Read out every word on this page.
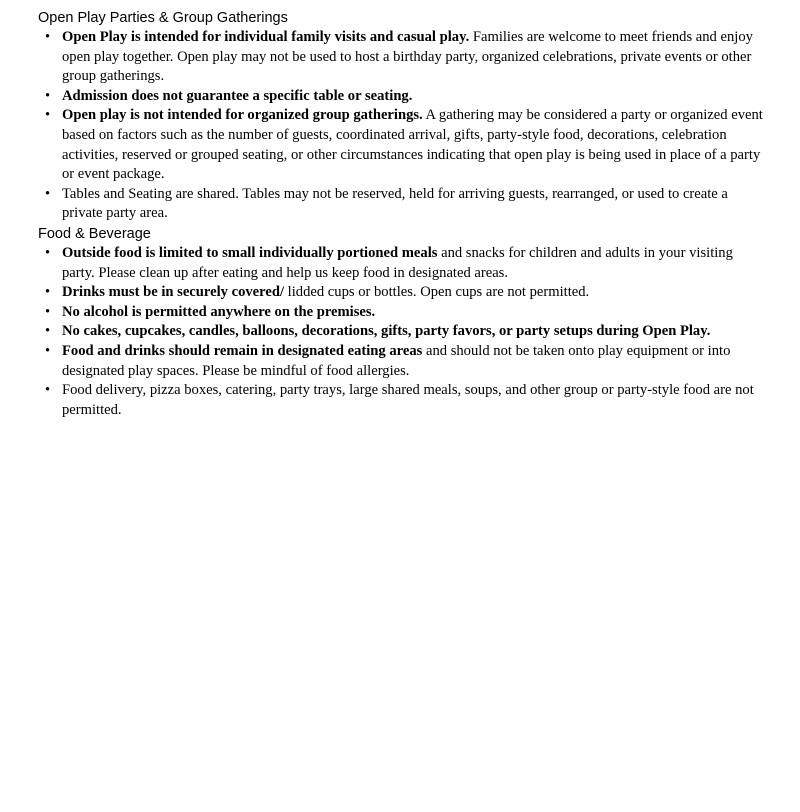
Open Play Parties & Group Gatherings
• Open Play is intended for individual family visits and casual play. Families are welcome to meet friends and enjoy open play together. Open play may not be used to host a birthday party, organized celebrations, private events or other group gatherings.
• Admission does not guarantee a specific table or seating.
• Open play is not intended for organized group gatherings. A gathering may be considered a party or organized event based on factors such as the number of guests, coordinated arrival, gifts, party-style food, decorations, celebration activities, reserved or grouped seating, or other circumstances indicating that open play is being used in place of a party or event package.
• Tables and Seating are shared. Tables may not be reserved, held for arriving guests, rearranged, or used to create a private party area.
Food & Beverage
• Outside food is limited to small individually portioned meals and snacks for children and adults in your visiting party. Please clean up after eating and help us keep food in designated areas.
• Drinks must be in securely covered/ lidded cups or bottles. Open cups are not permitted.
• No alcohol is permitted anywhere on the premises.
• No cakes, cupcakes, candles, balloons, decorations, gifts, party favors, or party setups during Open Play.
• Food and drinks should remain in designated eating areas and should not be taken onto play equipment or into designated play spaces. Please be mindful of food allergies.
• Food delivery, pizza boxes, catering, party trays, large shared meals, soups, and other group or party-style food are not permitted.
